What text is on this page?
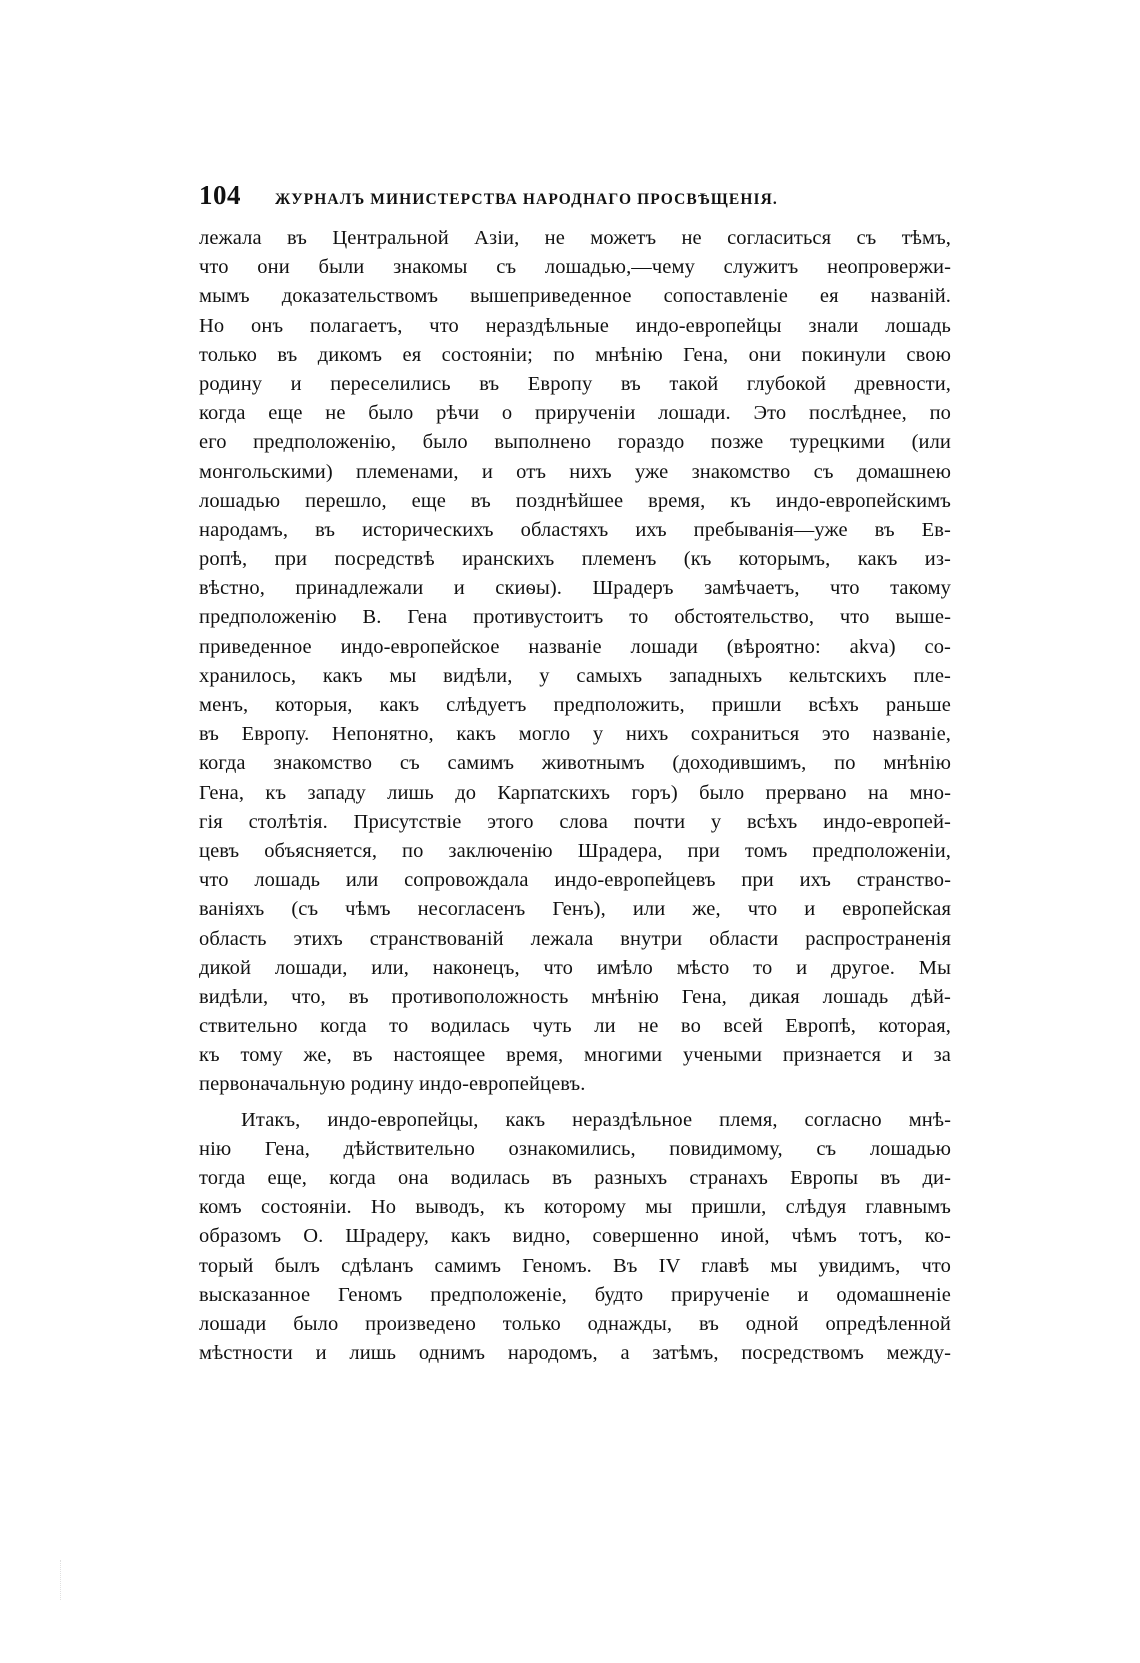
104 ЖУРНАЛЪ МИНИСТЕРСТВА НАРОДНАГО ПРОСВѢЩЕНІЯ.
лежала въ Центральной Азіи, не можетъ не согласиться съ тѣмъ,
что они были знакомы съ лошадью,—чему служитъ неопровержи-
мымъ доказательствомъ вышеприведенное сопоставленіе ея названій.
Но онъ полагаетъ, что нераздѣльные индо-европейцы знали лошадь
только въ дикомъ ея состояніи; по мнѣнію Гена, они покинули свою
родину и переселились въ Европу въ такой глубокой древности,
когда еще не было рѣчи о прирученіи лошади. Это послѣднее, по
его предположенію, было выполнено гораздо позже турецкими (или
монгольскими) племенами, и отъ нихъ уже знакомство съ домашнею
лошадью перешло, еще въ позднѣйшее время, къ индо-европейскимъ
народамъ, въ историческихъ областяхъ ихъ пребыванія—уже въ Ев-
ропѣ, при посредствѣ иранскихъ племенъ (къ которымъ, какъ из-
вѣстно, принадлежали и скиѳы). Шрадеръ замѣчаетъ, что такому
предположенію В. Гена противустоитъ то обстоятельство, что выше-
приведенное индо-европейское названіе лошади (вѣроятно: akva) со-
хранилось, какъ мы видѣли, у самыхъ западныхъ кельтскихъ пле-
менъ, которыя, какъ слѣдуетъ предположить, пришли всѣхъ раньше
въ Европу. Непонятно, какъ могло у нихъ сохраниться это названіе,
когда знакомство съ самимъ животнымъ (доходившимъ, по мнѣнію
Гена, къ западу лишь до Карпатскихъ горъ) было прервано на мно-
гія столѣтія. Присутствіе этого слова почти у всѣхъ индо-европей-
цевъ объясняется, по заключенію Шрадера, при томъ предположеніи,
что лошадь или сопровождала индо-европейцевъ при ихъ странство-
ваніяхъ (съ чѣмъ несогласенъ Генъ), или же, что и европейская
область этихъ странствованій лежала внутри области распространенія
дикой лошади, или, наконецъ, что имѣло мѣсто то и другое. Мы
видѣли, что, въ противоположность мнѣнію Гена, дикая лошадь дѣй-
ствительно когда то водилась чуть ли не во всей Европѣ, которая,
къ тому же, въ настоящее время, многими учеными признается и за
первоначальную родину индо-европейцевъ.
Итакъ, индо-европейцы, какъ нераздѣльное племя, согласно мнѣ-
нію Гена, дѣйствительно ознакомились, повидимому, съ лошадью
тогда еще, когда она водилась въ разныхъ странахъ Европы въ ди-
комъ состояніи. Но выводъ, къ которому мы пришли, слѣдуя главнымъ
образомъ О. Шрадеру, какъ видно, совершенно иной, чѣмъ тотъ, ко-
торый былъ сдѣланъ самимъ Геномъ. Въ IV главѣ мы увидимъ, что
высказанное Геномъ предположеніе, будто прирученіе и одомашненіе
лошади было произведено только однажды, въ одной опредѣленной
мѣстности и лишь однимъ народомъ, а затѣмъ, посредствомъ между-
